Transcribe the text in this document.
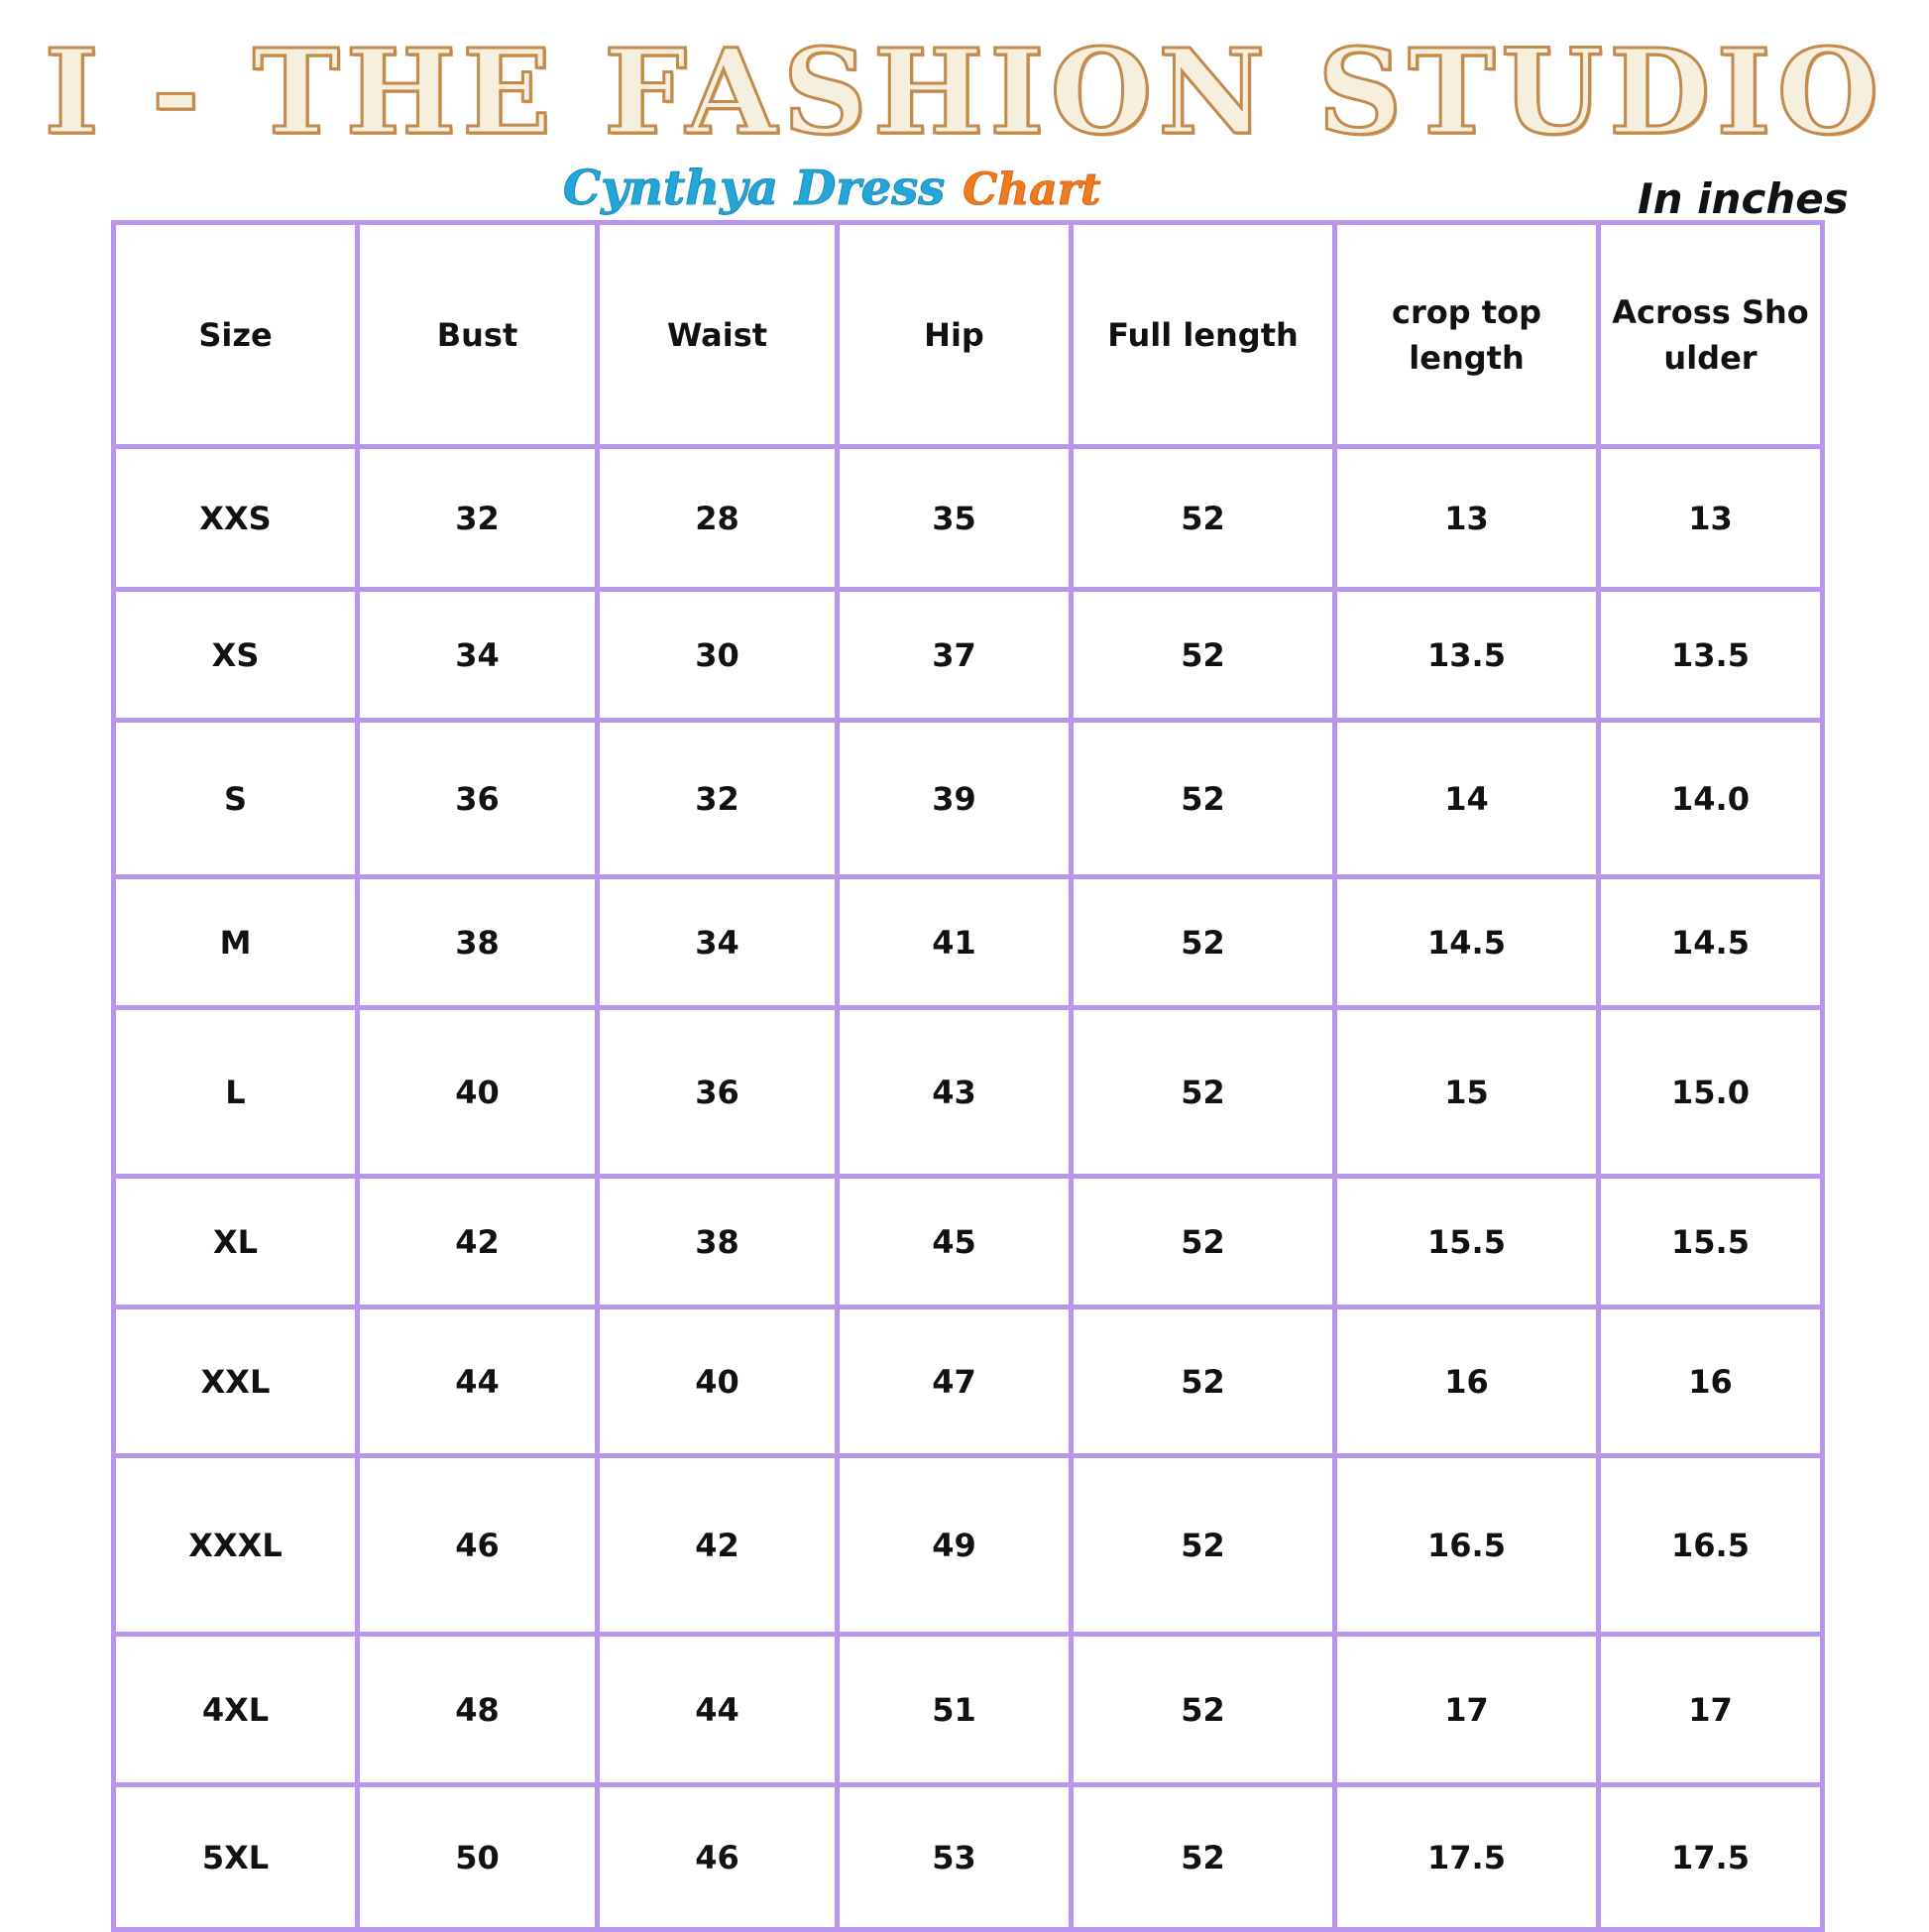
I - THE FASHION STUDIO
Cynthya Dress Chart	In inches
Size	Bust	Waist	Hip	Full length	crop top length	Across Shoulder
XXS	32	28	35	52	13	13
XS	34	30	37	52	13.5	13.5
S	36	32	39	52	14	14.0
M	38	34	41	52	14.5	14.5
L	40	36	43	52	15	15.0
XL	42	38	45	52	15.5	15.5
XXL	44	40	47	52	16	16
XXXL	46	42	49	52	16.5	16.5
4XL	48	44	51	52	17	17
5XL	50	46	53	52	17.5	17.5
